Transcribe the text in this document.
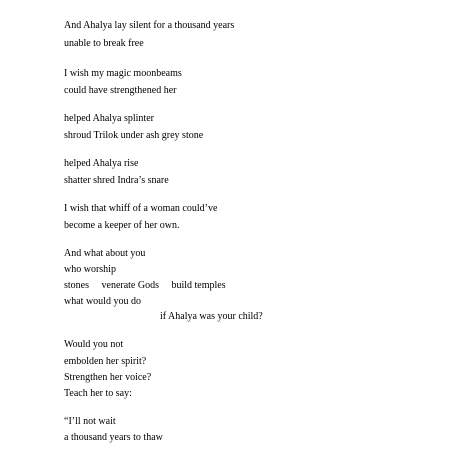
And Ahalya lay silent for a thousand years

unable to break free

I wish my magic moonbeams

could have strengthened her

helped Ahalya splinter

shroud Trilok under ash grey stone

helped Ahalya rise

shatter shred Indra’s snare

I wish that whiff of a woman could’ve

become a keeper of her own.

And what about you

who worship

stones     venerate Gods     build temples

what would you do

if Ahalya was your child?

Would you not

embolden her spirit?

Strengthen her voice?

Teach her to say:

“I’ll not wait

a thousand years to thaw
